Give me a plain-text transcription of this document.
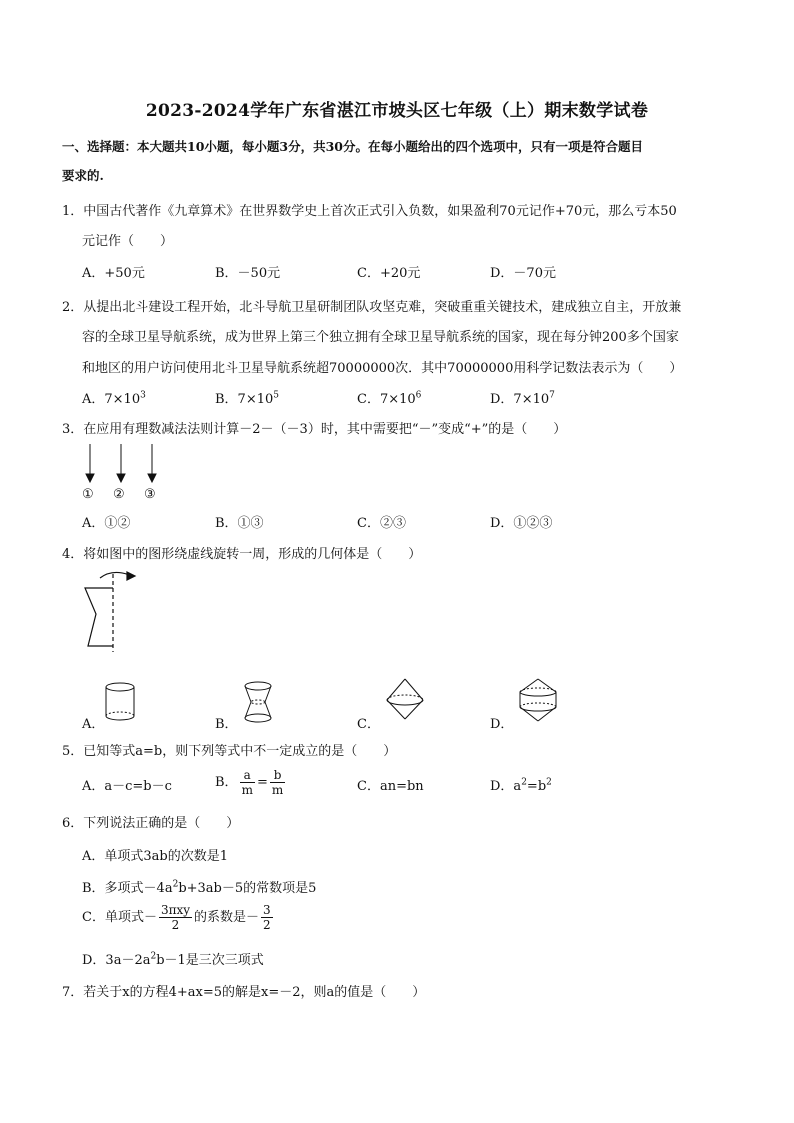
2023-2024学年广东省湛江市坡头区七年级（上）期末数学试卷
一、选择题：本大题共10小题，每小题3分，共30分。在每小题给出的四个选项中，只有一项是符合题目
要求的.
1．中国古代著作《九章算术》在世界数学史上首次正式引入负数，如果盈利70元记作+70元，那么亏本50
元记作（　　）
A．+50元	B．－50元	C．+20元	D．－70元
2．从提出北斗建设工程开始，北斗导航卫星研制团队攻坚克难，突破重重关键技术，建成独立自主，开放兼
容的全球卫星导航系统，成为世界上第三个独立拥有全球卫星导航系统的国家，现在每分钟200多个国家
和地区的用户访问使用北斗卫星导航系统超70000000次．其中70000000用科学记数法表示为（　　）
A．$7\times 10^3$	B．$7\times 10^5$	C．$7\times 10^6$	D．$7\times 10^7$
3．在应用有理数减法法则计算－2－（－3）时，其中需要把“－”变成“+”的是（　　）
① ② ③
A．①②	B．①③	C．②③	D．①②③
4．将如图中的图形绕虚线旋转一周，形成的几何体是（　　）
A．	B．	C．	D．
5．已知等式a=b，则下列等式中不一定成立的是（　　）
A．a－c=b－c	B． $\frac{a}{m} = \frac{b}{m}$	C．an=bn	D．$a^2=b^2$
6．下列说法正确的是（　　）
A．单项式3ab的次数是1
B．多项式$-4a^2b+3ab-5$的常数项是5
C．单项式－ $\frac{\text{3πxy}}{2}$ 的系数是－ $\frac{3}{2}$
D．$3a-2a^2b-1$是三次三项式
7．若关于x的方程4+ax=5的解是x=－2，则a的值是（　　）
